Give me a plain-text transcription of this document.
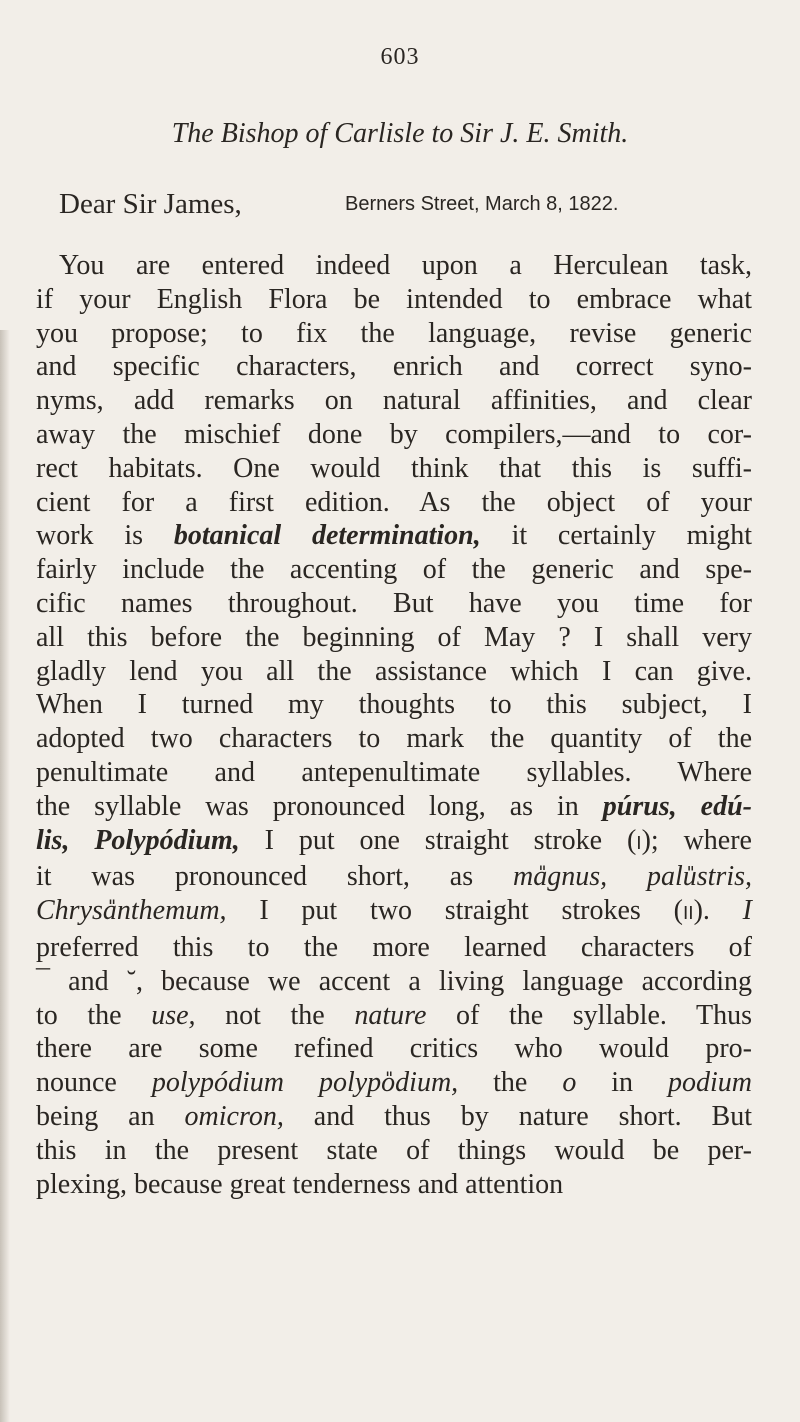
603
The Bishop of Carlisle to Sir J. E. Smith.
Dear Sir James,	Berners Street, March 8, 1822.
You are entered indeed upon a Herculean task,
if your English Flora be intended to embrace what
you propose; to fix the language, revise generic
and specific characters, enrich and correct syno-
nyms, add remarks on natural affinities, and clear
away the mischief done by compilers,—and to cor-
rect habitats. One would think that this is suffi-
cient for a first edition. As the object of your
work is botanical determination, it certainly might
fairly include the accenting of the generic and spe-
cific names throughout. But have you time for
all this before the beginning of May ? I shall very
gladly lend you all the assistance which I can give.
When I turned my thoughts to this subject, I
adopted two characters to mark the quantity of the
penultimate and antepenultimate syllables. Where
the syllable was pronounced long, as in púrus, edú-
lis, Polypódium, I put one straight stroke (I); where
it was pronounced short, as ma̎gnus, palu̎stris,
Chrysa̎nthemum, I put two straight strokes (II). I
preferred this to the more learned characters of
¯ and ˘, because we accent a living language according
to the use, not the nature of the syllable. Thus
there are some refined critics who would pro-
nounce polypódium polypo̎dium, the o in podium
being an omicron, and thus by nature short. But
this in the present state of things would be per-
plexing, because great tenderness and attention
